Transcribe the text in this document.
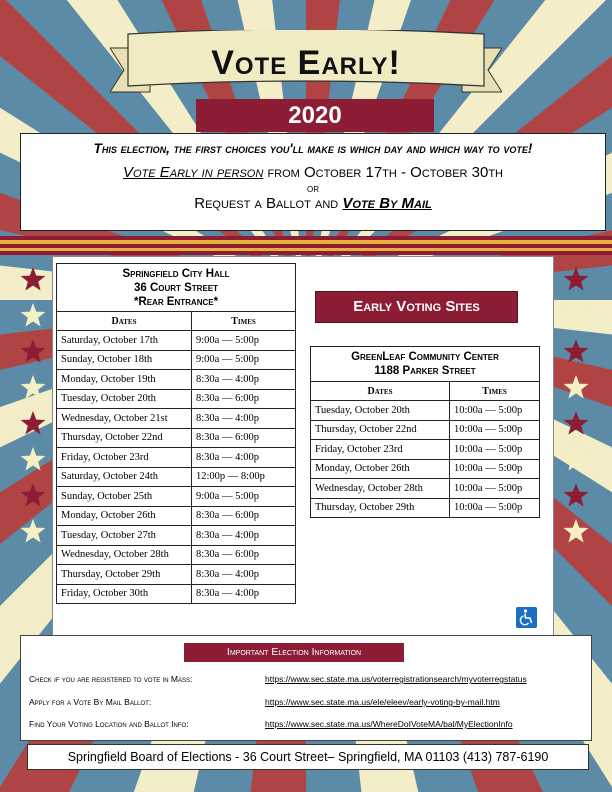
Vote Early!
2020
This election, the first choices you'll make is which day and which way to vote!
Vote Early in person from October 17th - October 30th
or
Request a Ballot and Vote By Mail
Springfield City Hall
36 Court Street
*Rear Entrance*
Dates	Times
Saturday, October 17th	9:00a — 5:00p
Sunday, October 18th	9:00a — 5:00p
Monday, October 19th	8:30a — 4:00p
Tuesday, October 20th	8:30a — 6:00p
Wednesday, October 21st	8:30a — 4:00p
Thursday, October 22nd	8:30a — 6:00p
Friday, October 23rd	8:30a — 4:00p
Saturday, October 24th	12:00p — 8:00p
Sunday, October 25th	9:00a — 5:00p
Monday, October 26th	8:30a — 6:00p
Tuesday, October 27th	8:30a — 4:00p
Wednesday, October 28th	8:30a — 6:00p
Thursday, October 29th	8:30a — 4:00p
Friday, October 30th	8:30a — 4:00p
Early Voting Sites
GreenLeaf Community Center
1188 Parker Street
Dates	Times
Tuesday, October 20th	10:00a — 5:00p
Thursday, October 22nd	10:00a — 5:00p
Friday, October 23rd	10:00a — 5:00p
Monday, October 26th	10:00a — 5:00p
Wednesday, October 28th	10:00a — 5:00p
Thursday, October 29th	10:00a — 5:00p
Important Election Information
Check if you are registered to vote in Mass:	https://www.sec.state.ma.us/voterregistrationsearch/myvoterregstatus
Apply for a Vote By Mail Ballot:	https://www.sec.state.ma.us/ele/eleev/early-voting-by-mail.htm
Find Your Voting Location and Ballot Info:	https://www.sec.state.ma.us/WhereDoIVoteMA/bal/MyElectionInfo
Springfield Board of Elections - 36 Court Street– Springfield, MA 01103 (413) 787-6190
